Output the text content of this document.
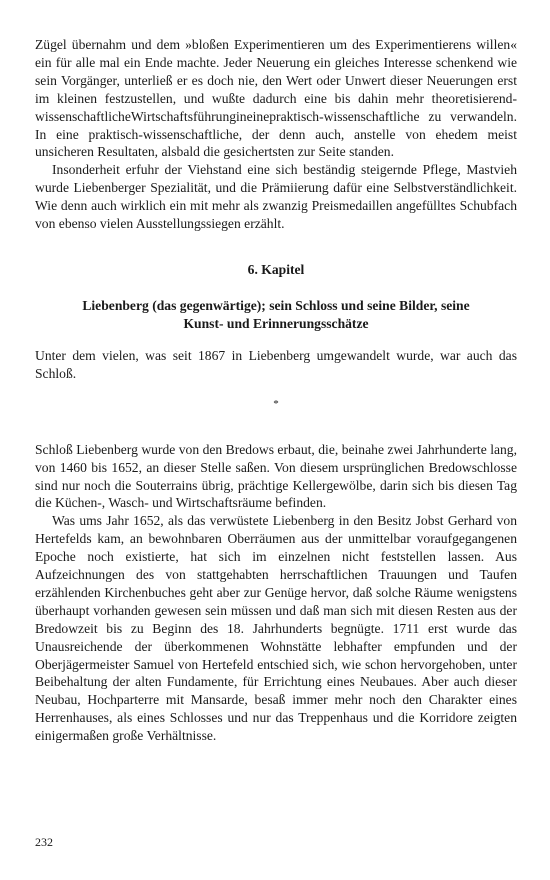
Zügel übernahm und dem »bloßen Experimentieren um des Experimentierens willen« ein für alle mal ein Ende machte. Jeder Neuerung ein gleiches Interesse schenkend wie sein Vorgänger, unterließ er es doch nie, den Wert oder Unwert dieser Neuerungen erst im kleinen festzustellen, und wußte dadurch eine bis dahin mehr theoretisierend-wissenschaftlicheWirtschaftsführungineinepraktisch-wissenschaftliche zu verwandeln. In eine praktisch-wissenschaftliche, der denn auch, anstelle von ehedem meist unsicheren Resultaten, alsbald die gesichertsten zur Seite standen.

Insonderheit erfuhr der Viehstand eine sich beständig steigernde Pflege, Mastvieh wurde Liebenberger Spezialität, und die Prämiierung dafür eine Selbstverständlichkeit. Wie denn auch wirklich ein mit mehr als zwanzig Preismedaillen angefülltes Schubfach von ebenso vielen Ausstellungssiegen erzählt.

6. Kapitel
Liebenberg (das gegenwärtige); sein Schloss und seine Bilder, seine
Kunst- und Erinnerungsschätze

Unter dem vielen, was seit 1867 in Liebenberg umgewandelt wurde, war auch das Schloß.

*

Schloß Liebenberg wurde von den Bredows erbaut, die, beinahe zwei Jahrhunderte lang, von 1460 bis 1652, an dieser Stelle saßen. Von diesem ursprünglichen Bredowschlosse sind nur noch die Souterrains übrig, prächtige Kellergewölbe, darin sich bis diesen Tag die Küchen-, Wasch- und Wirtschaftsräume befinden.

Was ums Jahr 1652, als das verwüstete Liebenberg in den Besitz Jobst Gerhard von Hertefelds kam, an bewohnbaren Oberräumen aus der unmittelbar voraufgegangenen Epoche noch existierte, hat sich im einzelnen nicht feststellen lassen. Aus Aufzeichnungen des von stattgehabten herrschaftlichen Trauungen und Taufen erzählenden Kirchenbuches geht aber zur Genüge hervor, daß solche Räume wenigstens überhaupt vorhanden gewesen sein müssen und daß man sich mit diesen Resten aus der Bredowzeit bis zu Beginn des 18. Jahrhunderts begnügte. 1711 erst wurde das Unausreichende der überkommenen Wohnstätte lebhafter empfunden und der Oberjägermeister Samuel von Hertefeld entschied sich, wie schon hervorgehoben, unter Beibehaltung der alten Fundamente, für Errichtung eines Neubaues. Aber auch dieser Neubau, Hochparterre mit Mansarde, besaß immer mehr noch den Charakter eines Herrenhauses, als eines Schlosses und nur das Treppenhaus und die Korridore zeigten einigermaßen große Verhältnisse.

232
